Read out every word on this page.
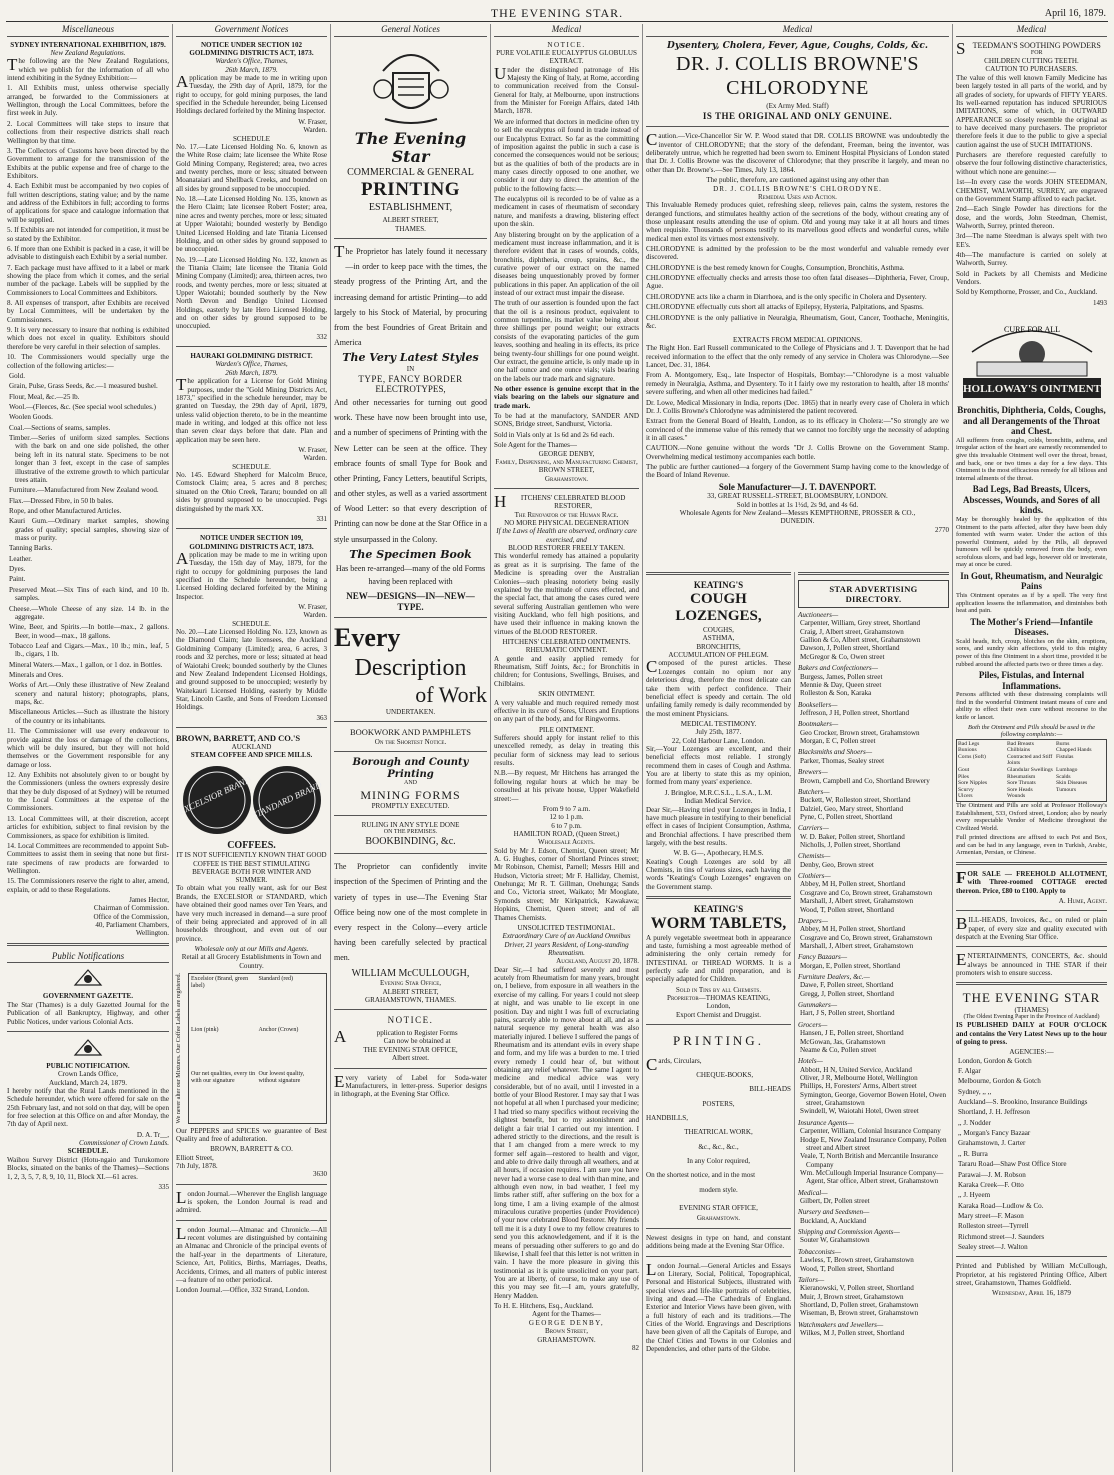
THE EVENING STAR.	April 16, 1879.
Miscellaneous
SYDNEY INTERNATIONAL EXHIBITION, 1879.
New Zealand Regulations.

The following are the New Zealand Regulations, which we publish for the information of all who intend exhibiting in the Sydney Exhibition:—

1. All Exhibits must, unless otherwise specially arranged, be forwarded to the Commissioners at Wellington, through the Local Committees, before the first week in July.

2. Local Committees will take steps to insure that collections from their respective districts shall reach Wellington by that time.

3. The Collectors of Customs have been directed by the Government to arrange for the transmission of the Exhibits at the public expense and free of charge to the Exhibitors.

4. Each Exhibit must be accompanied by two copies of full written descriptions, stating value; and by the name and address of the Exhibitors in full; according to forms of applications for space and catalogue information that will be supplied.

5. If Exhibits are not intended for competition, it must be so stated by the Exhibitor.

6. If more than one Exhibit is packed in a case, it will be advisable to distinguish each Exhibit by a serial number.

7. Each package must have affixed to it a label or mark showing the place from which it comes, and the serial number of the package. Labels will be supplied by the Commissioners to Local Committees and Exhibitors.

8. All expenses of transport, after Exhibits are received by Local Committees, will be undertaken by the Commissioners.

9. It is very necessary to insure that nothing is exhibited which does not excel in quality. Exhibitors should therefore be very careful in their selection of samples.

10. The Commissioners would specially urge the collection of the following articles:—

Gold.

Grain, Pulse, Grass Seeds, &c.—1 measured bushel.

Flour, Meal, &c.—25 lb.

Wool.—(Fleeces, &c. (See special wool schedules.)

Woolen Goods.

Coal.—Sections of seams, samples.

Timber.—Series of uniform sized samples. Sections with the bark on and one side polished, the other being left in its natural state. Specimens to be not longer than 3 feet, except in the case of samples illustrative of the extreme growth to which particular trees attain.

Furniture.—Manufactured from New Zealand wood.

Flax.—Dressed Fibre, in 50 lb bales.

Rope, and other Manufactured Articles.

Kauri Gum.—Ordinary market samples, showing grades of quality; special samples, showing size of mass or purity.

Tanning Barks.

Leather.

Dyes.

Paint.

Preserved Meat.—Six Tins of each kind, and 10 lb. samples.

Cheese.—Whole Cheese of any size. 14 lb. in the aggregate.

Wine, Beer, and Spirits.—In bottle—max., 2 gallons. Beer, in wood—max., 18 gallons.

Tobacco Leaf and Cigars.—Max., 10 lb.; min., leaf, 5 lb., cigars, 1 lb.

Mineral Waters.—Max., 1 gallon, or 1 doz. in Bottles.

Minerals and Ores.

Works of Art.—Only these illustrative of New Zealand scenery and natural history; photographs, plans, maps, &c.

Miscellaneous Articles.—Such as illustrate the history of the country or its inhabitants.

11. The Commissioner will use every endeavour to provide against the loss or damage of the collections, which will be duly insured, but they will not hold themselves or the Government responsible for any damage or loss.

12. Any Exhibits not absolutely given to or bought by the Commissioners (unless the owners expressly desire that they be duly disposed of at Sydney) will be returned to the Local Committees at the expense of the Commissioners.

13. Local Committees will, at their discretion, accept articles for exhibition, subject to final revision by the Commissioners, as space for exhibition is limited.

14. Local Committees are recommended to appoint Sub-Committees to assist them in seeing that none but first-rate specimens of raw products are forwarded to Wellington.

15. The Commissioners reserve the right to alter, amend, explain, or add to these Regulations.

James Hector,
Chairman of Commission.
Office of the Commission,
40, Parliament Chambers,
Wellington.
Public Notifications
GOVERNMENT GAZETTE.

The Star (Thames) is a duly Gazetted Journal for the Publication of all Bankruptcy, Highway, and other Public Notices, under various Colonial Acts.

PUBLIC NOTIFICATION.
Crown Lands Office,
Auckland, March 24, 1879.

I hereby notify that the Rural Lands mentioned in the Schedule hereunder, which were offered for sale on the 25th February last, and not sold on that day, will be open for free selection at this Office on and after Monday, the 7th day of April next.

D. A. Tr__,
Commissioner of Crown Lands.
SCHEDULE.

Waihou Survey District (Hotu-ngaio and Turukomore Blocks, situated on the banks of the Thames)—Sections 1, 2, 3, 5, 7, 8, 9, 10, 11, Block XI.—61 acres.

335
Government Notices
NOTICE UNDER SECTION 102 GOLDMINING DISTRICTS ACT, 1873.
Warden's Office, Thames,
26th March, 1879.

Application may be made to me in writing upon Tuesday, the 29th day of April, 1879, for the right to occupy, for gold mining purposes, the land specified in the Schedule hereunder, being Licensed Holdings declared forfeited by the Mining Inspector.

W. Fraser,
Warden.
SCHEDULE

No. 17.—Late Licensed Holding No. 6, known as the White Rose claim; late licensee the White Rose Gold Mining Company, Registered; area, two acres and twenty perches, more or less; situated between Moanataiari and Shellback Creeks, and bounded on all sides by ground supposed to be unoccupied.

No. 18.—Late Licensed Holding No. 135, known as the Hero Claim; late licensee Robert Foster; area, nine acres and twenty perches, more or less; situated at Upper Waiotahi; bounded westerly by Bendigo United Licensed Holding and late Titania Licensed Holding, and on other sides by ground supposed to be unoccupied.

No. 19.—Late Licensed Holding No. 132, known as the Titania Claim; late licensee the Titania Gold Mining Company (Limited); area, thirteen acres, two roods, and twenty perches, more or less; situated at Upper Waiotahi; bounded southerly by the New North Devon and Bendigo United Licensed Holdings, easterly by late Hero Licensed Holding, and on other sides by ground supposed to be unoccupied.

332
HAURAKI GOLDMINING DISTRICT.
Warden's Office, Thames,
26th March, 1879.

The application for a License for Gold Mining purposes, under the "Gold Mining Districts Act, 1873," specified in the schedule hereunder, may be granted on Tuesday, the 29th day of April, 1879, unless valid objection thereto, to be in the meantime made in writing, and lodged at this office not less than seven clear days before that date. Plan and application may be seen here.

W. Fraser,
Warden.
SCHEDULE.

No. 145. Edward Shepherd for Malcolm Bruce, Comstock Claim; area, 5 acres and 8 perches; situated on the Ohio Creek, Tararu; bounded on all sides by ground supposed to be unoccupied. Pegs distinguished by the mark XX.

331
NOTICE UNDER SECTION 109, GOLDMINING DISTRICTS ACT, 1873.

Application may be made to me in writing upon Tuesday, the 15th day of May, 1879, for the right to occupy for goldmining purposes the land specified in the Schedule hereunder, being a Licensed Holding declared forfeited by the Mining Inspector.

W. Fraser,
Warden.
SCHEDULE.

No. 20.—Late Licensed Holding No. 123, known as the Diamond Claim; late licensees, the Auckland Goldmining Company (Limited); area, 6 acres, 3 roods and 32 perches, more or less; situated at head of Waiotahi Creek; bounded southerly by the Clunes and New Zealand Independent Licensed Holdings, and ground supposed to be unoccupied; westerly by Waitekauri Licensed Holding, easterly by Middle Star, Lincoln Castle, and Sons of Freedom Licensed Holdings.

363
BROWN, BARRETT, AND CO.'S
AUCKLAND
STEAM COFFEE AND SPICE MILLS.
EXCELSIOR BRAND
STANDARD BRAND
COFFEES.
IT IS NOT SUFFICIENTLY KNOWN THAT GOOD COFFEE IS THE BEST STIMULATING BEVERAGE BOTH FOR WINTER AND SUMMER.

To obtain what you really want, ask for our Best Brands, the EXCELSIOR or STANDARD, which have obtained their good names over Ten Years, and have very much increased in demand—a sure proof of their being appreciated and approved of in all households throughout, and even out of our province.

Wholesale only at our Mills and Agents.
Retail at all Grocery Establishments in Town and Country.
We never alter our Mixtures. Our Coffee Labels are registered.	Excelsior (Brand, green label)
Standard (red)
Lion (pink)	Anchor (Crown)
Our net qualities, every tin with our signature
Our lowest quality, without signature

Our PEPPERS and SPICES we guarantee of Best Quality and free of adulteration.

BROWN, BARRETT & CO.
Elliott Street,
7th July, 1878.
3630

London Journal.—Wherever the English language is spoken, the London Journal is read and admired.

London Journal.—Almanac and Chronicle.—All recent volumes are distinguished by containing an Almanac and Chronicle of the principal events of the half-year in the departments of Literature, Science, Art, Politics, Births, Marriages, Deaths, Accidents, Crimes, and all matters of public interest—a feature of no other periodical.

London Journal.—Office, 332 Strand, London.

General Notices
The Evening Star
COMMERCIAL & GENERAL
PRINTING
ESTABLISHMENT,
ALBERT STREET,
THAMES.

The Proprietor has lately found it necessary—in order to keep pace with the times, the steady progress of the Printing Art, and the increasing demand for artistic Printing—to add largely to his Stock of Material, by procuring from the best Foundries of Great Britain and America

The Very Latest Styles
IN
TYPE, FANCY BORDER
ELECTROTYPES,

And other necessaries for turning out good work. These have now been brought into use, and a number of specimens of Printing with the New Letter can be seen at the office. They embrace founts of small Type for Book and other Printing, Fancy Letters, beautiful Scripts, and other styles, as well as a varied assortment of Wood Letter: so that every description of Printing can now be done at the Star Office in a style unsurpassed in the Colony.

The Specimen Book

Has been re-arranged—many of the old Forms having been replaced with

NEW—DESIGNS—IN—NEW—TYPE.
Every
Description
of Work
UNDERTAKEN.
BOOKWORK AND PAMPHLETS
On the Shortest Notice.
Borough and County Printing
AND
MINING FORMS
PROMPTLY EXECUTED.
RULING IN ANY STYLE DONE
ON THE PREMISES.
BOOKBINDING, &c.

The Proprietor can confidently invite inspection of the Specimen of Printing and the variety of types in use—The Evening Star Office being now one of the most complete in every respect in the Colony—every article having been carefully selected by practical men.

WILLIAM McCULLOUGH,
Evening Star Office,
ALBERT STREET,
GRAHAMSTOWN, THAMES.
NOTICE.
Application to Register Forms
Can now be obtained at
THE EVENING STAR OFFICE,
Albert street.

Every variety of Label for Soda-water Manufacturers, in letter-press. Superior designs in lithograph, at the Evening Star Office.

Medical
NOTICE.
PURE VOLATILE EUCALYPTUS GLOBULUS EXTRACT.

Under the distinguished patronage of His Majesty the King of Italy, at Rome, according to communication received from the Consul-General for Italy, at Melbourne, upon instructions from the Minister for Foreign Affairs, dated 14th March, 1878.

We are informed that doctors in medicine often try to sell the eucalyptus oil found in trade instead of our Eucalyptus Extract. So far as the committing of imposition against the public in such a case is concerned the consequences would not be serious; but as the qualities of both of the products are in many cases directly opposed to one another, we consider it our duty to direct the attention of the public to the following facts:—

The eucalyptus oil is recorded to be of value as a medicament in cases of rheumatism of secondary nature, and manifests a drawing, blistering effect upon the skin.

Any blistering brought on by the application of a medicament must increase inflammation, and it is therefore evident that in cases of wounds, colds, bronchitis, diphtheria, croup, sprains, &c., the curative power of our extract on the named diseases being unquestionably proved by former publications in this paper. An application of the oil instead of our extract must impair the disease.

The truth of our assertion is founded upon the fact that the oil is a resinous product, equivalent to common turpentine, its market value being about three shillings per pound weight; our extracts consists of the evaporating particles of the gum leaves, soothing and healing in its effects, its price being twenty-four shillings for one pound weight. Our extract, the genuine article, is only made up in one half ounce and one ounce vials; vials bearing on the labels our trade mark and signature.

No other essence is genuine except that in the vials bearing on the labels our signature and trade mark.

To be had at the manufactory, SANDER AND SONS, Bridge street, Sandhurst, Victoria.

Sold in Vials only at 1s 6d and 2s 6d each.

Sole Agent for the Thames—
GEORGE DENBY,
Family, Dispensing, and Manufacturing Chemist,
BROWN STREET,
Grahamstown.
HITCHENS' CELEBRATED BLOOD RESTORER,
The Renovator of the Human Race.
NO MORE PHYSICAL DEGENERATION
If the Laws of Health are observed, ordinary care exercised, and
BLOOD RESTORER FREELY TAKEN.

This wonderful remedy has attained a popularity as great as it is surprising. The fame of the Medicine is spreading over the Australian Colonies—such pleasing notoriety being easily explained by the multitude of cures effected, and the special fact, that among the cases cured were several suffering Australian gentlemen who were visiting Auckland, who fell high positions, and have used their influence in making known the virtues of the BLOOD RESTORER.

HITCHENS' CELEBRATED OINTMENTS.
RHEUMATIC OINTMENT.

A gentle and easily applied remedy for Rheumatism, Stiff Joints, &c.; for Bronchitis in children; for Contusions, Swellings, Bruises, and Chilblains.

SKIN OINTMENT.

A very valuable and much required remedy most effective in its cure of Sores, Ulcers and Eruptions on any part of the body, and for Ringworms.

PILE OINTMENT.

Sufferers should apply for instant relief to this unexcelled remedy, as delay in treating this peculiar form of sickness may lead to serious results.

N.B.—By request, Mr Hitchens has arranged the following regular hours at which he may be consulted at his private house, Upper Wakefield street:—

From 9 to 7 a.m.
12 to 1 p.m.
6 to 7 p.m.
HAMILTON ROAD, (Queen Street,)
Wholesale Agents.

Sold by Mr J. Edson, Chemist, Queen street; Mr A. G. Hughes, corner of Shortland Princes street; Mr Robinson, Chemist, Parnell; Messrs Hill and Hudson, Victoria street; Mr F. Halliday, Chemist, Onehunga; Mr R. T. Gillman, Onehunga; Sands and Co., Victoria street, Waikato; Mr Mooglate, Symonds street; Mr Kirkpatrick, Kawakawa; Hopkins, Chemist, Queen street; and of all Thames Chemists.

UNSOLICITED TESTIMONIAL.
Extraordinary Cure of an Auckland Omnibus Driver, 21 years Resident, of Long-standing Rheumatism.
Auckland, August 20, 1878.

Dear Sir,—I had suffered severely and most acutely from Rheumatism for many years, brought on, I believe, from exposure in all weathers in the exercise of my calling. For years I could not sleep at night, and was unable to lie except in one position. Day and night I was full of excruciating pains, scarcely able to move about at all, and as a natural sequence my general health was also materially injured. I believe I suffered the pangs of Rheumatism and its attendant evils in every shape and form, and my life was a burden to me. I tried every remedy I could hear of, but without obtaining any relief whatever. The same I agent to medicine and medical advice was very considerable, but of no avail, until I invested in a bottle of your Blood Restorer. I may say that I was not hopeful at all when I purchased your medicine; I had tried so many specifics without receiving the slightest benefit, but to my astonishment and delight a fair trial I carried out my intention. I adhered strictly to the directions, and the result is that I am changed from a mere wreck to my former self again—restored to health and vigor, and able to drive daily through all weathers, and at all hours, if occasion requires. I am sure you have never had a worse case to deal with than mine, and although even now, in bad weather, I feel my limbs rather stiff, after suffering on the box for a long time, I am a living example of the almost miraculous curative properties (under Providence) of your now celebrated Blood Restorer. My friends tell me it is a duty I owe to my fellow creatures to send you this acknowledgement, and if it is the means of persuading other sufferers to go and do likewise, I shall feel that this letter is not written in vain. I have the more pleasure in giving this testimonial as it is quite unsolicited on your part. You are at liberty, of course, to make any use of this you may see fit.—I am, yours gratefully, Henry Madden.

To H. E. Hitchens, Esq., Auckland.
Agent for the Thames—
GEORGE DENBY,
Brown Street,
GRAHAMSTOWN.
82
Medical
Dysentery, Cholera, Fever, Ague, Coughs, Colds, &c.
DR. J. COLLIS BROWNE'S CHLORODYNE
(Ex Army Med. Staff)
IS THE ORIGINAL AND ONLY GENUINE.

Caution.—Vice-Chancellor Sir W. P. Wood stated that DR. COLLIS BROWNE was undoubtedly the inventor of CHLORODYNE; that the story of the defendant, Freeman, being the inventor, was deliberately untrue, which he regretted had been sworn to. Eminent Hospital Physicians of London stated that Dr. J. Collis Browne was the discoverer of Chlorodyne; that they prescribe it largely, and mean no other than Dr. Browne's.—See Times, July 13, 1864.

The public, therefore, are cautioned against using any other than
DR. J. COLLIS BROWNE'S CHLORODYNE.
Remedial Uses and Action.

This Invaluable Remedy produces quiet, refreshing sleep, relieves pain, calms the system, restores the deranged functions, and stimulates healthy action of the secretions of the body, without creating any of those unpleasant results attending the use of opium. Old and young may take it at all hours and times when requisite. Thousands of persons testify to its marvellous good effects and wonderful cures, while medical men extol its virtues most extensively.

CHLORODYNE is admitted by the profession to be the most wonderful and valuable remedy ever discovered.

CHLORODYNE is the best remedy known for Coughs, Consumption, Bronchitis, Asthma.

CHLORODYNE effectually checks and arrests those too often fatal diseases—Diphtheria, Fever, Croup, Ague.

CHLORODYNE acts like a charm in Diarrhoea, and is the only specific in Cholera and Dysentery.

CHLORODYNE effectually cuts short all attacks of Epilepsy, Hysteria, Palpitations, and Spasms.

CHLORODYNE is the only palliative in Neuralgia, Rheumatism, Gout, Cancer, Toothache, Meningitis, &c.

EXTRACTS FROM MEDICAL OPINIONS.

The Right Hon. Earl Russell communicated to the College of Physicians and J. T. Davenport that he had received information to the effect that the only remedy of any service in Cholera was Chlorodyne.—See Lancet, Dec. 31, 1864.

From A. Montgomery, Esq., late Inspector of Hospitals, Bombay:—"Chlorodyne is a most valuable remedy in Neuralgia, Asthma, and Dysentery. To it I fairly owe my restoration to health, after 18 months' severe suffering, and when all other medicines had failed."

Dr. Lowe, Medical Missionary in India, reports (Dec. 1865) that in nearly every case of Cholera in which Dr. J. Collis Browne's Chlorodyne was administered the patient recovered.

Extract from the General Board of Health, London, as to its efficacy in Cholera:—"So strongly are we convinced of the immense value of this remedy that we cannot too forcibly urge the necessity of adopting it in all cases."

CAUTION.—None genuine without the words "Dr J. Collis Browne on the Government Stamp. Overwhelming medical testimony accompanies each bottle.

The public are further cautioned—a forgery of the Government Stamp having come to the knowledge of the Board of Inland Revenue.

Sole Manufacturer—J. T. DAVENPORT.
33, GREAT RUSSELL-STREET, BLOOMSBURY, LONDON.
Sold in bottles at 1s 1½d, 2s 9d, and 4s 6d.
Wholesale Agents for New Zealand—Messrs KEMPTHORNE, PROSSER & CO.,
DUNEDIN.
2770
KEATING'S
COUGH LOZENGES,
COUGHS,
ASTHMA,
BRONCHITIS,
ACCUMULATION OF PHLEGM.

Composed of the purest articles. These Lozenges contain no opium nor any deleterious drug, therefore the most delicate can take them with perfect confidence. Their beneficial effect is speedy and certain. The old unfailing family remedy is daily recommended by the most eminent Physicians.

MEDICAL TESTIMONY.
July 25th, 1877.
22, Cold Harbour Lane, London.

Sir,—Your Lozenges are excellent, and their beneficial effects most reliable. I strongly recommend them in cases of Cough and Asthma. You are at liberty to state this as my opinion, formed from many years' experience.

J. Bringloe, M.R.C.S.L., L.S.A., L.M.
Indian Medical Service.

Dear Sir,—Having tried your Lozenges in India, I have much pleasure in testifying to their beneficial effect in cases of Incipient Consumption, Asthma, and Bronchial affections. I have prescribed them largely, with the best results.

W. B. G—, Apothecary, H.M.S.

Keating's Cough Lozenges are sold by all Chemists, in tins of various sizes, each having the words "Keating's Cough Lozenges" engraven on the Government stamp.

KEATING'S
WORM TABLETS,

A purely vegetable sweetmeat both in appearance and taste, furnishing a most agreeable method of administering the only certain remedy for INTESTINAL or THREAD WORMS. It is a perfectly safe and mild preparation, and is especially adapted for Children.

Sold in Tins by all Chemists.
Proprietor—THOMAS KEATING,
London,
Export Chemist and Druggist.
PRINTING.
Cards, Circulars,
CHEQUE-BOOKS,
BILL-HEADS
POSTERS,
HANDBILLS,
THEATRICAL WORK,
&c., &c., &c.,
In any Color required,
On the shortest notice, and in the most
modern style.
EVENING STAR OFFICE,
Grahamstown.

Newest designs in type on hand, and constant additions being made at the Evening Star Office.

London Journal.—General Articles and Essays on Literary, Social, Political, Topographical, Personal and Historical Subjects, illustrated with special views and life-like portraits of celebrities, living and dead.—The Cathedrals of England. Exterior and Interior Views have been given, with a full history of each and its traditions.—The Cities of the World. Engravings and Descriptions have been given of all the Capitals of Europe, and the Chief Cities and Towns in our Colonies and Dependencies, and other parts of the Globe.

STAR ADVERTISING DIRECTORY.
Auctioneers—
Carpenter, William, Grey street, Shortland
Craig, J, Albert street, Grahamstown
Gallion & Co, Albert street, Grahamstown
Dawson, J, Pollen street, Shortland
McGregor & Co, Owen street
Bakers and Confectioners—
Burgess, James, Pollen street
Mennie & Day, Queen street
Rolleston & Son, Karaka
Booksellers—
Jeffreson, J H, Pollen street, Shortland
Bootmakers—
Geo Crocker, Brown street, Grahamstown
Morgan, E C, Pollen street
Blacksmiths and Shoers—
Parker, Thomas, Sealey street
Brewers—
Brown, Campbell and Co, Shortland Brewery
Butchers—
Buckett, W, Rolleston street, Shortland
Dalziel, Geo, Mary street, Shortland
Pyne, C, Pollen street, Shortland
Carriers—
W. D. Baker, Pollen street, Shortland
Nicholls, J, Pollen street, Shortland
Chemists—
Denby, Geo, Brown street
Clothiers—
Abbey, M H, Pollen street, Shortland
Cosgrave and Co, Brown street, Grahamstown
Marshall, J, Albert street, Grahamstown
Wood, T, Pollen street, Shortland
Drapers—
Abbey, M H, Pollen street, Shortland
Cosgrave and Co, Brown street, Grahamstown
Marshall, J, Albert street, Grahamstown
Fancy Bazaars—
Morgan, E, Pollen street, Shortland
Furniture Dealers, &c.—
Dawe, F, Pollen street, Shortland
Gregg, J, Pollen street, Shortland
Gunmakers—
Hart, J S, Pollen street, Shortland
Grocers—
Hansen, J E, Pollen street, Shortland
McGowan, Jas, Grahamstown
Neame & Co, Pollen street
Hotels—
Abbott, H N, United Service, Auckland
Oliver, J R, Melbourne Hotel, Wellington
Phillips, H, Foresters' Arms, Albert street
Symington, George, Governor Bowen Hotel, Owen street, Grahamstown
Swindell, W, Waiotahi Hotel, Owen street
Insurance Agents—
Carpenter, William, Colonial Insurance Company
Hodge E, New Zealand Insurance Company, Pollen street and Albert street
Veale, T, North British and Mercantile Insurance Company
Wm. McCullough Imperial Insurance Company—Agent, Star office, Albert street, Grahamstown
Medical—
Gilbert, Dr, Pollen street
Nursery and Seedsmen—
Buckland, A, Auckland
Shipping and Commission Agents—
Souter W, Grahamstown
Tobacconists—
Lawless, T, Brown street, Grahamstown
Wood, T, Pollen street, Shortland
Tailors—
Kieranowski, V, Pollen street, Shortland
Muir, J, Brown street, Grahamstown
Shortland, D, Pollen street, Grahamstown
Wiseman, B, Brown street, Grahamstown
Watchmakers and Jewellers—
Wilkes, M J, Pollen street, Shortland
Medical
STEEDMAN'S SOOTHING POWDERS
FOR
CHILDREN CUTTING TEETH.
CAUTION TO PURCHASERS.

The value of this well known Family Medicine has been largely tested in all parts of the world, and by all grades of society, for upwards of FIFTY YEARS. Its well-earned reputation has induced SPURIOUS IMITATIONS, some of which, in OUTWARD APPEARANCE so closely resemble the original as to have deceived many purchasers. The proprietor therefore feels it due to the public to give a special caution against the use of SUCH IMITATIONS.

Purchasers are therefore requested carefully to observe the four following distinctive characteristics, without which none are genuine:—

1st—In every case the words JOHN STEEDMAN, CHEMIST, WALWORTH, SURREY, are engraved on the Government Stamp affixed to each packet.

2nd—Each Single Powder has directions for the dose, and the words, John Steedman, Chemist, Walworth, Surrey, printed thereon.

3rd—The name Steedman is always spelt with two EE's.

4th—The manufacture is carried on solely at Walworth, Surrey.

Sold in Packets by all Chemists and Medicine Vendors.

Sold by Kempthorne, Prosser, and Co., Auckland.

1493
CURE FOR ALL
HOLLOWAY'S OINTMENT
Bronchitis, Diphtheria, Colds, Coughs, and all Derangements of the Throat and Chest.

All sufferers from coughs, colds, bronchitis, asthma, and irregular action of the heart are earnestly recommended to give this invaluable Ointment well over the throat, breast, and back, one or two times a day for a few days. This Ointment is the most efficacious remedy for all bilious and internal ailments of the throat.

Bad Legs, Bad Breasts, Ulcers, Abscesses, Wounds, and Sores of all kinds.

May be thoroughly healed by the application of this Ointment to the parts affected, after they have been duly fomented with warm water. Under the action of this powerful Ointment, aided by the Pills, all depraved humours will be quickly removed from the body, even scrofulous ulcers, and bad legs, however old or inveterate, may at once be cured.

In Gout, Rheumatism, and Neuralgic Pains

This Ointment operates as if by a spell. The very first application lessens the inflammation, and diminishes both heat and pain.

The Mother's Friend—Infantile Diseases.

Scald heads, itch, croup, blotches on the skin, eruptions, sores, and sundry skin affections, yield to this mighty power of this fine Ointment in a short time, provided it be rubbed around the affected parts two or three times a day.

Piles, Fistulas, and Internal Inflammations.

Persons afflicted with these distressing complaints will find in the wonderful Ointment instant means of cure and ability to effect their own cure without recourse to the knife or lancet.

Both the Ointment and Pills should be used in the following complaints:—
Bad Legs	Bad Breasts	Burns
Bunions	Chilblains	Chapped Hands
Corns (Soft)	Contracted and Stiff Joints
Fistulas
Gout	Glandular Swellings Lumbago
Piles	Rheumatism	Scalds
Sore Nipples	Sore Throats	Skin Diseases
Scurvy	Sore Heads	Tumours
Ulcers	Wounds

The Ointment and Pills are sold at Professor Holloway's Establishment, 533, Oxford street, London; also by nearly every respectable Vendor of Medicine throughout the Civilized World.

Full printed directions are affixed to each Pot and Box, and can be had in any language, even in Turkish, Arabic, Armenian, Persian, or Chinese.

FOR SALE — FREEHOLD ALLOTMENT, with Three-roomed COTTAGE erected thereon. Price, £80 to £100. Apply to

A. Hume, Agent.

BILL-HEADS, Invoices, &c., on ruled or plain paper, of every size and quality executed with despatch at the Evening Star Office.

ENTERTAINMENTS, CONCERTS, &c. should always be announced in THE STAR if their promoters wish to ensure success.

THE EVENING STAR
(THAMES)
(The Oldest Evening Paper in the Province of Auckland)

IS PUBLISHED DAILY at FOUR O'CLOCK and contains the Very Latest News up to the hour of going to press.

AGENCIES:—

London, Gordon & Gotch

F. Algar

Melbourne, Gordon & Gotch

Sydney, ,, ,,

Auckland—S. Brookino, Insurance Buildings

Shortland, J. H. Jeffreson

,, J. Nodder

,, Morgan's Fancy Bazaar

Grahamstown, J. Carter

,, R. Burra

Tararu Road—Shaw Post Office Store

Parawai—J. M. Robson

Karaka Creek—F. Otto

,, J. Hyeem

Karaka Road—Ludlow & Co.

Mary street—F. Mason

Rolleston street—Tyrrell

Richmond street—J. Saunders

Sealey street—J. Walton

Printed and Published by William McCullough, Proprietor, at his registered Printing Office, Albert street, Grahamstown, Thames Goldfield.

Wednesday, April 16, 1879
